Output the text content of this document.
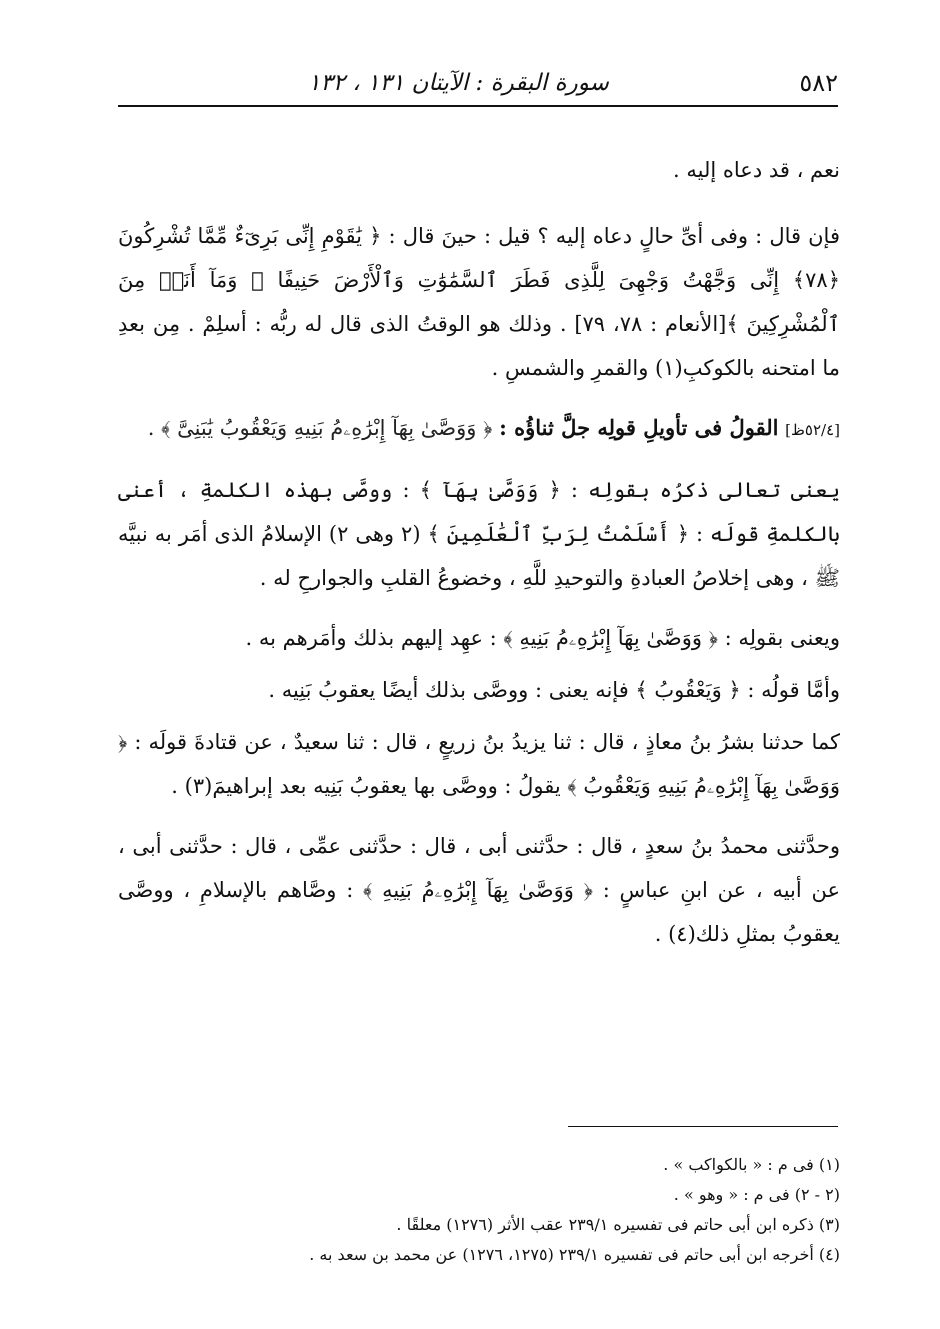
٥٨٢
سورة البقرة : الآيتان ١٣١ ، ١٣٢

نعم ، قد دعاه إليه .

فإن قال : وفى أىِّ حالٍ دعاه إليه ؟ قيل : حينَ قال : ﴿ يَٰقَوْمِ إِنِّى بَرِىٓءٌ مِّمَّا تُشْرِكُونَ ﴿٧٨﴾ إِنِّى وَجَّهْتُ وَجْهِىَ لِلَّذِى فَطَرَ ٱلسَّمَٰوَٰتِ وَٱلْأَرْضَ حَنِيفًا ۖ وَمَآ أَنَا۠ مِنَ ٱلْمُشْرِكِينَ ﴾[الأنعام : ٧٨، ٧٩] . وذلك هو الوقتُ الذى قال له ربُّه : أسلِمْ . مِن بعدِ ما امتحنه بالكوكبِ(١) والقمرِ والشمسِ .

[٥٢/٤ظ] القولُ فى تأويلِ قولِه جلَّ ثناؤُه : ﴿ وَوَصَّىٰ بِهَآ إِبْرَٰهِۦمُ بَنِيهِ وَيَعْقُوبُ يَٰبَنِىَّ ﴾ .

يعنى تعالى ذكرُه بقولِه : ﴿ وَوَصَّىٰ بِهَآ ﴾ : ووصَّى بهذه الكلمةِ ، أعنى بالكلمةِ قولَه : ﴿ أَسْلَمْتُ لِرَبِّ ٱلْعَٰلَمِينَ ﴾ (٢ وهى ٢) الإسلامُ الذى أمَر به نبيَّه ﷺ ، وهى إخلاصُ العبادةِ والتوحيدِ للَّهِ ، وخضوعُ القلبِ والجوارحِ له .

ويعنى بقولِه : ﴿ وَوَصَّىٰ بِهَآ إِبْرَٰهِۦمُ بَنِيهِ ﴾ : عهِد إليهم بذلك وأمَرهم به .

وأمَّا قولُه : ﴿ وَيَعْقُوبُ ﴾ فإنه يعنى : ووصَّى بذلك أيضًا يعقوبُ بَنِيه .

كما حدثنا بشرُ بنُ معاذٍ ، قال : ثنا يزيدُ بنُ زريعٍ ، قال : ثنا سعيدٌ ، عن قتادةَ قولَه : ﴿ وَوَصَّىٰ بِهَآ إِبْرَٰهِۦمُ بَنِيهِ وَيَعْقُوبُ ﴾ يقولُ : ووصَّى بها يعقوبُ بَنِيه بعد إبراهيمَ(٣) .

وحدَّثنى محمدُ بنُ سعدٍ ، قال : حدَّثنى أبى ، قال : حدَّثنى عمِّى ، قال : حدَّثنى أبى ، عن أبيه ، عن ابنِ عباسٍ : ﴿ وَوَصَّىٰ بِهَآ إِبْرَٰهِۦمُ بَنِيهِ ﴾ : وصَّاهم بالإسلامِ ، ووصَّى يعقوبُ بمثلِ ذلك(٤) .

(١) فى م : « بالكواكب » .
(٢ - ٢) فى م : « وهو » .
(٣) ذكره ابن أبى حاتم فى تفسيره ٢٣٩/١ عقب الأثر (١٢٧٦) معلقًا .
(٤) أخرجه ابن أبى حاتم فى تفسيره ٢٣٩/١ (١٢٧٥، ١٢٧٦) عن محمد بن سعد به .
